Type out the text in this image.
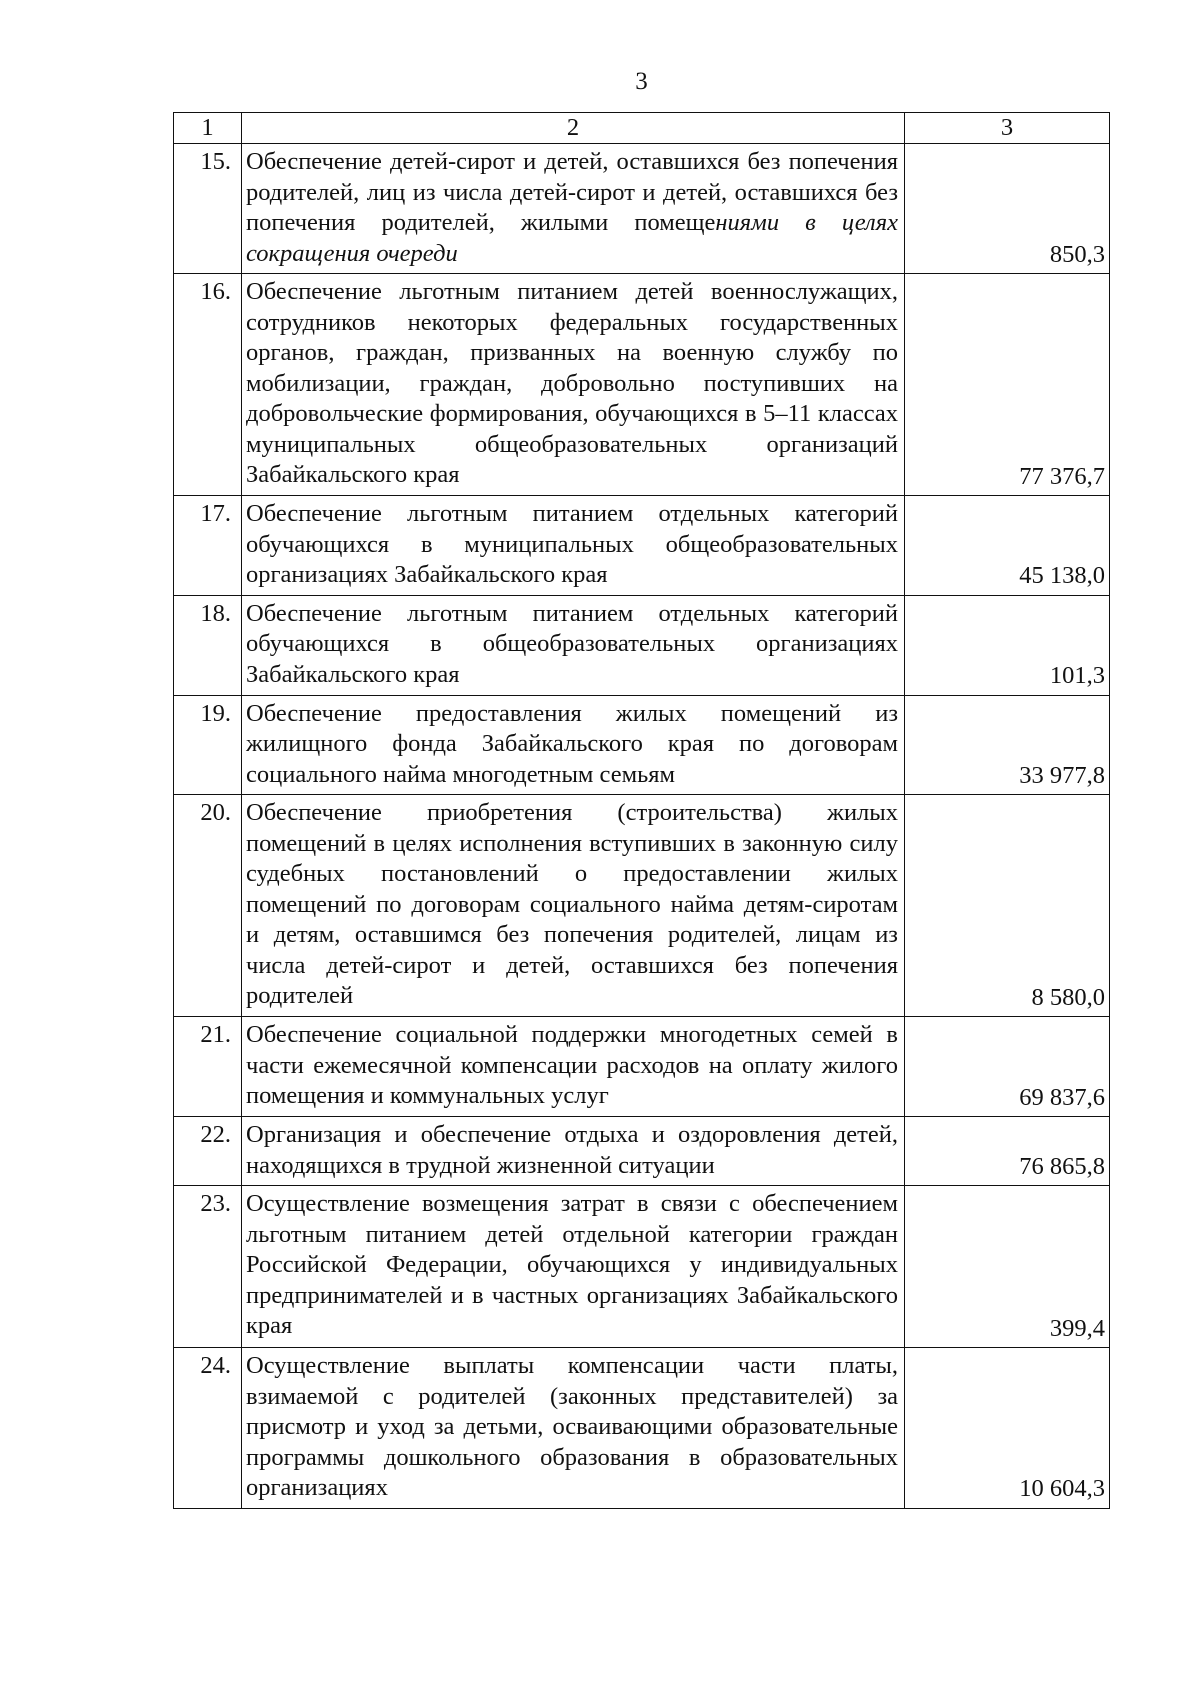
3
1	2	3
15.	Обеспечение детей-сирот и детей, оставшихся без попечения родителей, лиц из числа детей-сирот и детей, оставшихся без попечения родителей, жилыми помещениями в целях сокращения очереди	850,3
16.	Обеспечение льготным питанием детей военнослужащих, сотрудников некоторых федеральных государственных органов, граждан, призванных на военную службу по мобилизации, граждан, добровольно поступивших на добровольческие формирования, обучающихся в 5–11 классах муниципальных общеобразовательных организаций Забайкальского края	77 376,7
17.	Обеспечение льготным питанием отдельных категорий обучающихся в муниципальных общеобразовательных организациях Забайкальского края	45 138,0
18.	Обеспечение льготным питанием отдельных категорий обучающихся в общеобразовательных организациях Забайкальского края	101,3
19.	Обеспечение предоставления жилых помещений из жилищного фонда Забайкальского края по договорам социального найма многодетным семьям	33 977,8
20.	Обеспечение приобретения (строительства) жилых помещений в целях исполнения вступивших в законную силу судебных постановлений о предоставлении жилых помещений по договорам социального найма детям-сиротам и детям, оставшимся без попечения родителей, лицам из числа детей-сирот и детей, оставшихся без попечения родителей	8 580,0
21.	Обеспечение социальной поддержки многодетных семей в части ежемесячной компенсации расходов на оплату жилого помещения и коммунальных услуг	69 837,6
22.	Организация и обеспечение отдыха и оздоровления детей, находящихся в трудной жизненной ситуации	76 865,8
23.	Осуществление возмещения затрат в связи с обеспечением льготным питанием детей отдельной категории граждан Российской Федерации, обучающихся у индивидуальных предпринимателей и в частных организациях Забайкальского края	399,4
24.	Осуществление выплаты компенсации части платы, взимаемой с родителей (законных представителей) за присмотр и уход за детьми, осваивающими образовательные программы дошкольного образования в образовательных организациях	10 604,3
